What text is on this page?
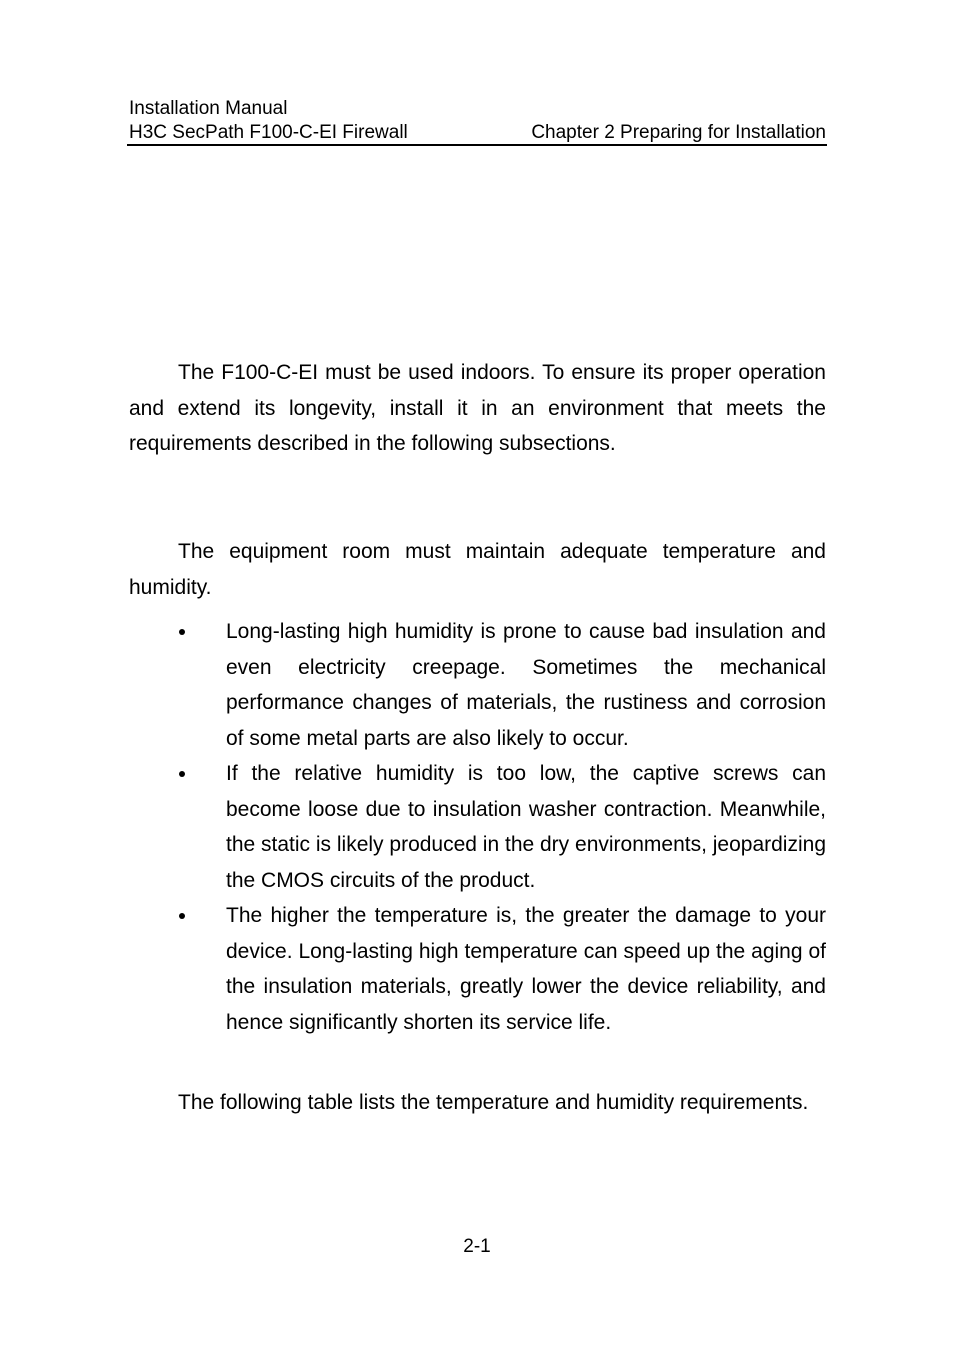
Installation Manual
H3C SecPath F100-C-EI Firewall	Chapter 2 Preparing for Installation

The F100-C-EI must be used indoors. To ensure its proper operation and extend its longevity, install it in an environment that meets the requirements described in the following subsections.

The equipment room must maintain adequate temperature and humidity.

Long-lasting high humidity is prone to cause bad insulation and even electricity creepage. Sometimes the mechanical performance changes of materials, the rustiness and corrosion of some metal parts are also likely to occur.
If the relative humidity is too low, the captive screws can become loose due to insulation washer contraction. Meanwhile, the static is likely produced in the dry environments, jeopardizing the CMOS circuits of the product.
The higher the temperature is, the greater the damage to your device. Long-lasting high temperature can speed up the aging of the insulation materials, greatly lower the device reliability, and hence significantly shorten its service life.

The following table lists the temperature and humidity requirements.

2-1
